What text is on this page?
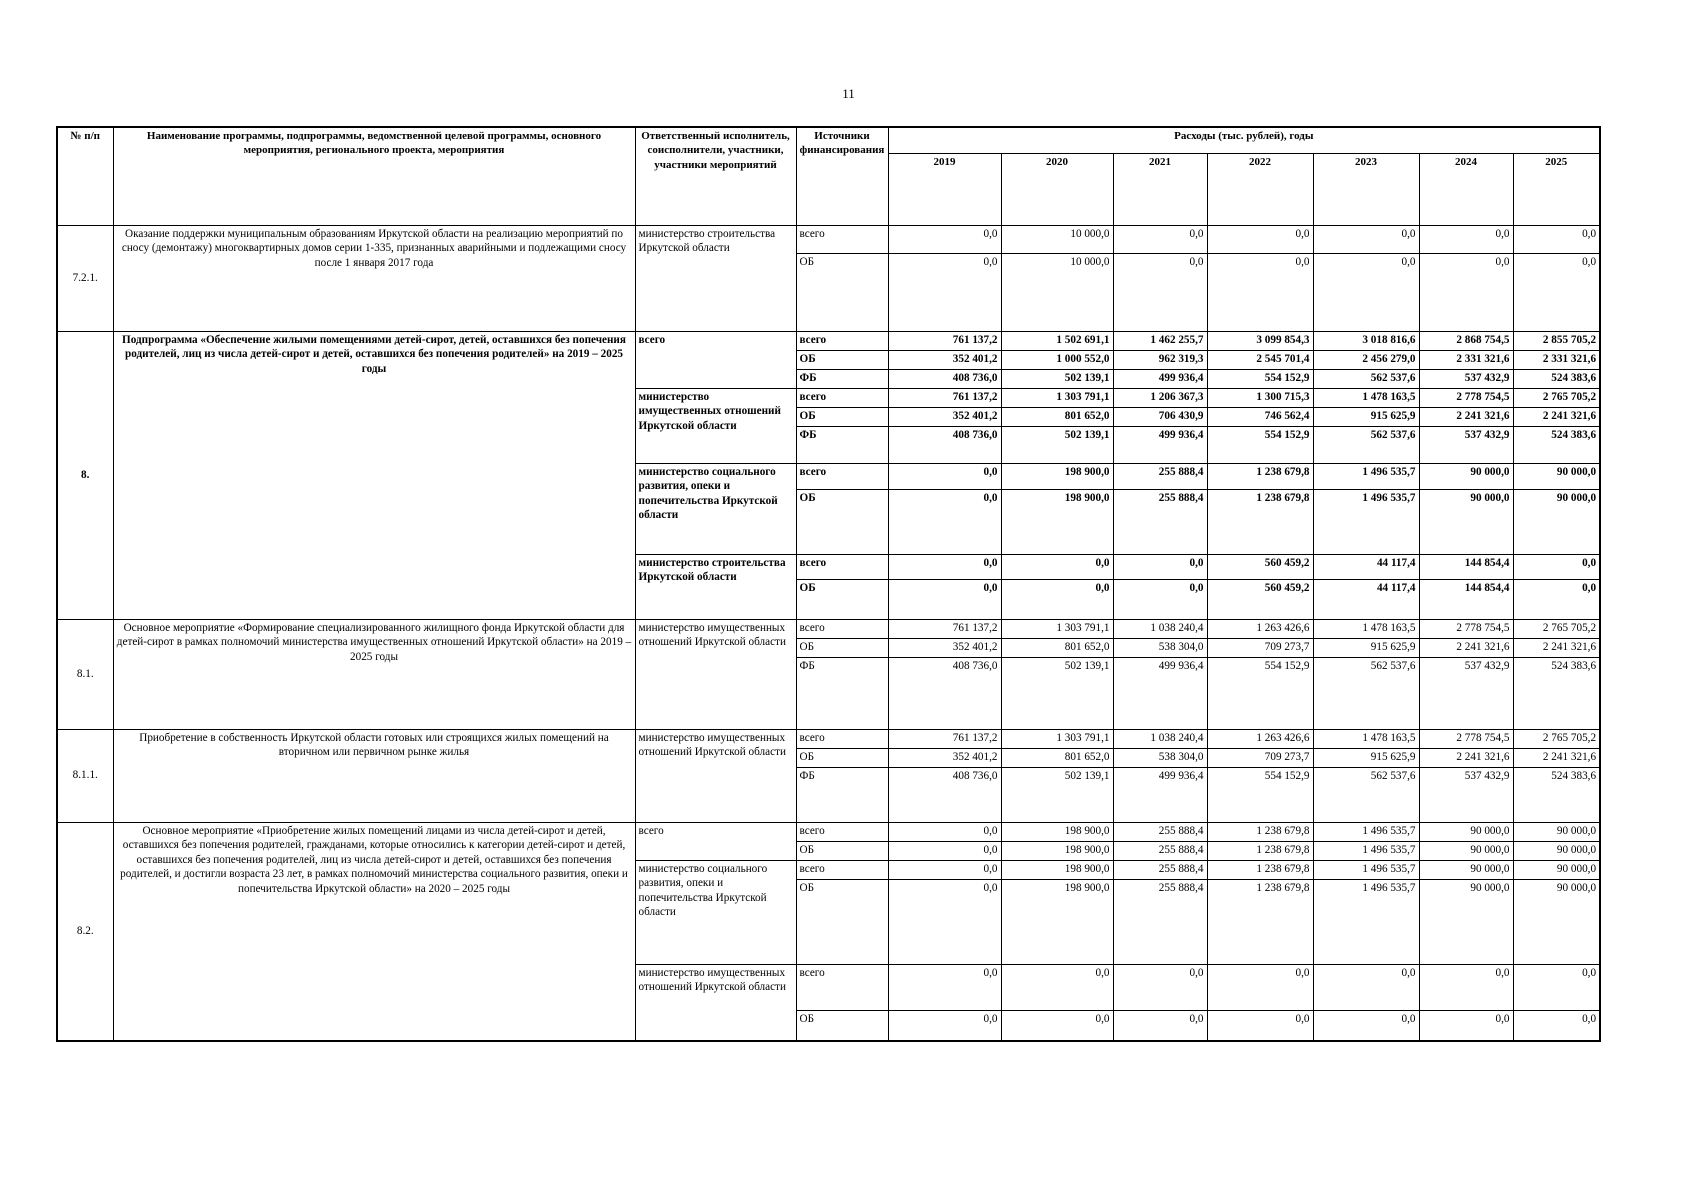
11
№ п/п	Наименование программы, подпрограммы, ведомственной целевой программы, основного мероприятия, регионального проекта, мероприятия	Ответственный исполнитель, соисполнители, участники, участники мероприятий	Источники финансирования	Расходы (тыс. рублей), годы						
				2019	2020	2021	2022	2023	2024	2025
7.2.1.	Оказание поддержки муниципальным образованиям Иркутской области на реализацию мероприятий по сносу (демонтажу) многоквартирных домов серии 1-335, признанных аварийными и подлежащими сносу после 1 января 2017 года	министерство строительства Иркутской области	всего	0,0	10 000,0	0,0	0,0	0,0	0,0	0,0
			ОБ	0,0	10 000,0	0,0	0,0	0,0	0,0	0,0
8.	Подпрограмма «Обеспечение жилыми помещениями детей-сирот, детей, оставшихся без попечения родителей, лиц из числа детей-сирот и детей, оставшихся без попечения родителей» на 2019 – 2025 годы	всего	всего	761 137,2	1 502 691,1	1 462 255,7	3 099 854,3	3 018 816,6	2 868 754,5	2 855 705,2
			ОБ	352 401,2	1 000 552,0	962 319,3	2 545 701,4	2 456 279,0	2 331 321,6	2 331 321,6
			ФБ	408 736,0	502 139,1	499 936,4	554 152,9	562 537,6	537 432,9	524 383,6
		министерство имущественных отношений Иркутской области	всего	761 137,2	1 303 791,1	1 206 367,3	1 300 715,3	1 478 163,5	2 778 754,5	2 765 705,2
			ОБ	352 401,2	801 652,0	706 430,9	746 562,4	915 625,9	2 241 321,6	2 241 321,6
			ФБ	408 736,0	502 139,1	499 936,4	554 152,9	562 537,6	537 432,9	524 383,6
		министерство социального развития, опеки и попечительства Иркутской области	всего	0,0	198 900,0	255 888,4	1 238 679,8	1 496 535,7	90 000,0	90 000,0
			ОБ	0,0	198 900,0	255 888,4	1 238 679,8	1 496 535,7	90 000,0	90 000,0
		министерство строительства Иркутской области	всего	0,0	0,0	0,0	560 459,2	44 117,4	144 854,4	0,0
			ОБ	0,0	0,0	0,0	560 459,2	44 117,4	144 854,4	0,0
8.1.	Основное мероприятие «Формирование специализированного жилищного фонда Иркутской области для детей-сирот в рамках полномочий министерства имущественных отношений Иркутской области» на 2019 – 2025 годы	министерство имущественных отношений Иркутской области	всего	761 137,2	1 303 791,1	1 038 240,4	1 263 426,6	1 478 163,5	2 778 754,5	2 765 705,2
			ОБ	352 401,2	801 652,0	538 304,0	709 273,7	915 625,9	2 241 321,6	2 241 321,6
			ФБ	408 736,0	502 139,1	499 936,4	554 152,9	562 537,6	537 432,9	524 383,6
8.1.1.	Приобретение в собственность Иркутской области готовых или строящихся жилых помещений на вторичном или первичном рынке жилья	министерство имущественных отношений Иркутской области	всего	761 137,2	1 303 791,1	1 038 240,4	1 263 426,6	1 478 163,5	2 778 754,5	2 765 705,2
			ОБ	352 401,2	801 652,0	538 304,0	709 273,7	915 625,9	2 241 321,6	2 241 321,6
			ФБ	408 736,0	502 139,1	499 936,4	554 152,9	562 537,6	537 432,9	524 383,6
8.2.	Основное мероприятие «Приобретение жилых помещений лицами из числа детей-сирот и детей, оставшихся без попечения родителей, гражданами, которые относились к категории детей-сирот и детей, оставшихся без попечения родителей, лиц из числа детей-сирот и детей, оставшихся без попечения родителей, и достигли возраста 23 лет, в рамках полномочий министерства социального развития, опеки и попечительства Иркутской области» на 2020 – 2025 годы	всего	всего	0,0	198 900,0	255 888,4	1 238 679,8	1 496 535,7	90 000,0	90 000,0
			ОБ	0,0	198 900,0	255 888,4	1 238 679,8	1 496 535,7	90 000,0	90 000,0
		министерство социального развития, опеки и попечительства Иркутской области	всего	0,0	198 900,0	255 888,4	1 238 679,8	1 496 535,7	90 000,0	90 000,0
			ОБ	0,0	198 900,0	255 888,4	1 238 679,8	1 496 535,7	90 000,0	90 000,0
		министерство имущественных отношений Иркутской области	всего	0,0	0,0	0,0	0,0	0,0	0,0	0,0
			ОБ	0,0	0,0	0,0	0,0	0,0	0,0	0,0
